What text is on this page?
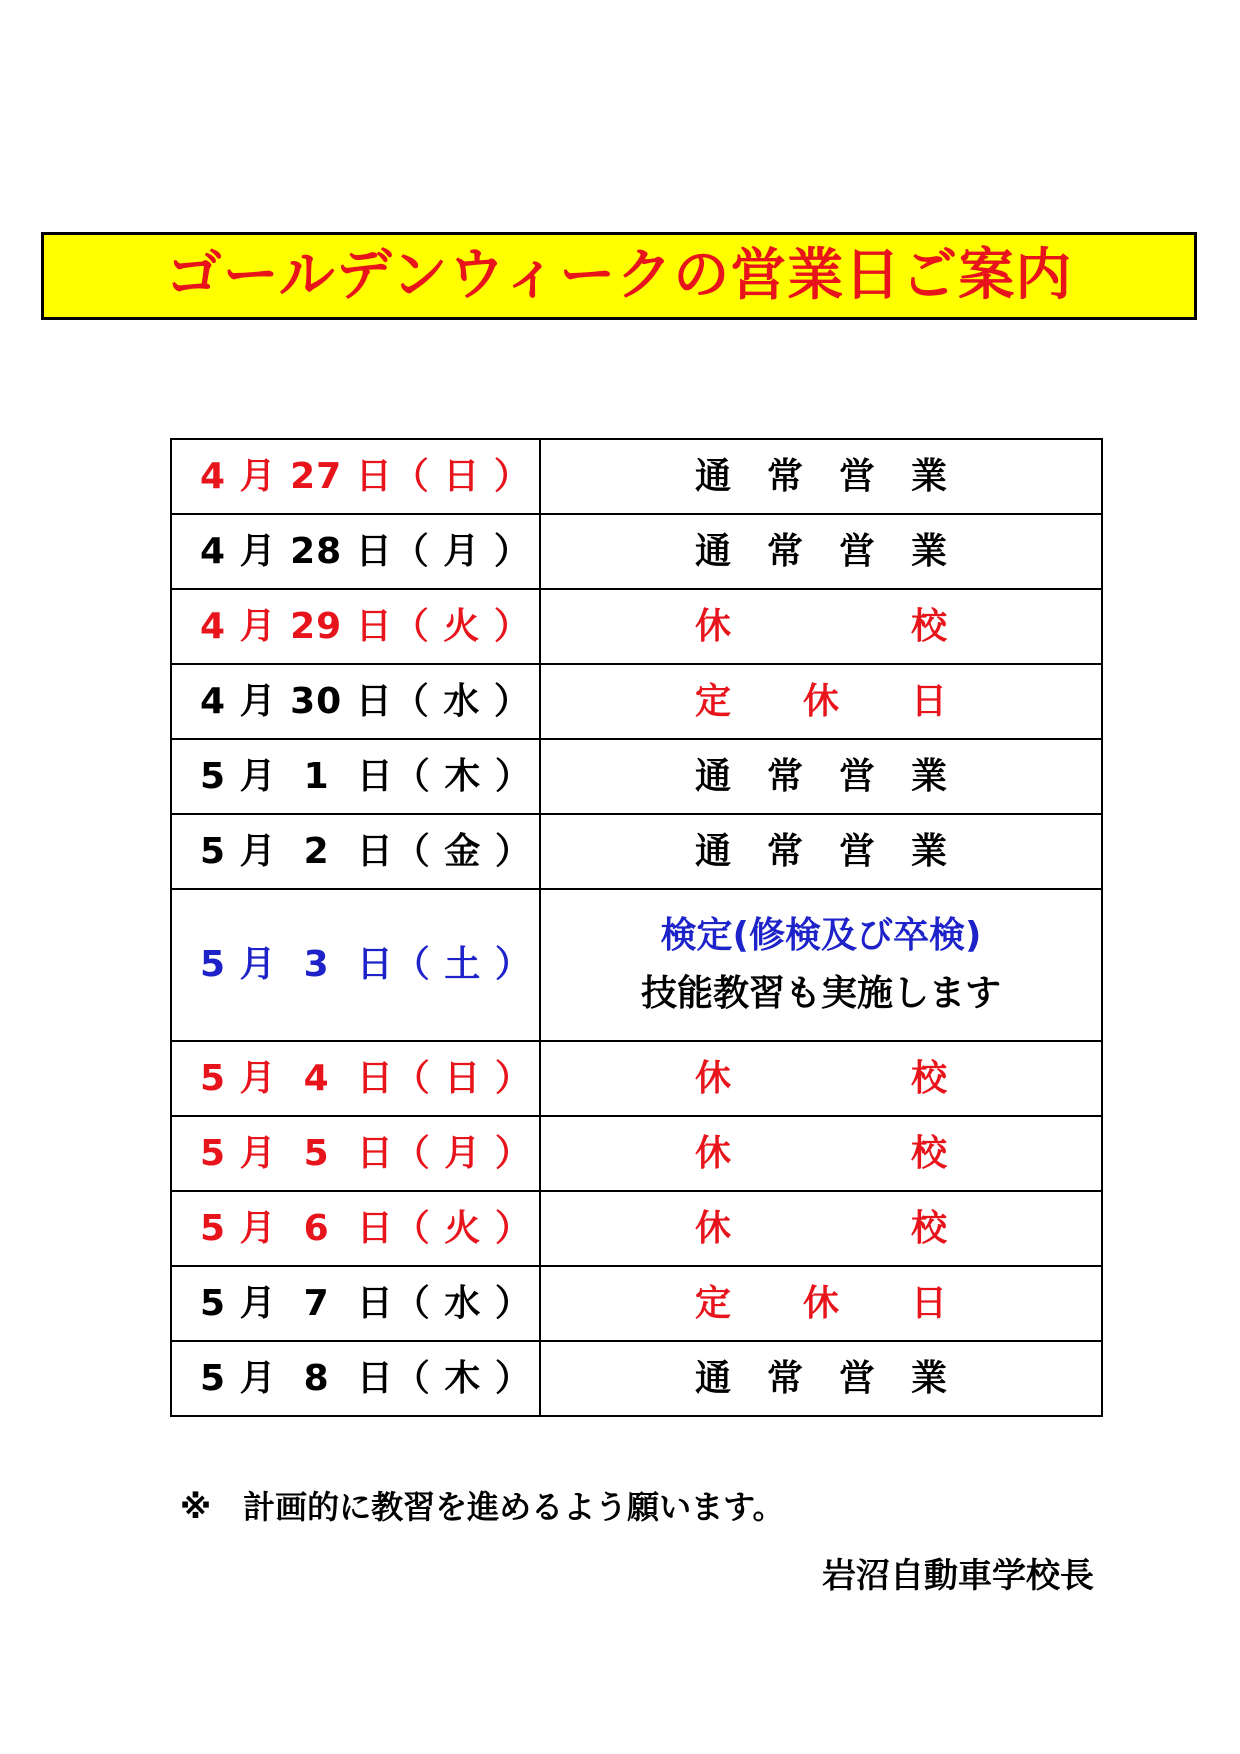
ゴールデンウィークの営業日ご案内
4 月 27 日（ 日 ）	通　常　営　業
4 月 28 日（ 月 ）	通　常　営　業
4 月 29 日（ 火 ）	休　　　　　校
4 月 30 日（ 水 ）	定　　休　　日
5 月  1  日（ 木 ）	通　常　営　業
5 月  2  日（ 金 ）	通　常　営　業
5 月  3  日（ 土 ）	検定(修検及び卒検)
技能教習も実施します

5 月  4  日（ 日 ）	休　　　　　校
5 月  5  日（ 月 ）	休　　　　　校
5 月  6  日（ 火 ）	休　　　　　校
5 月  7  日（ 水 ）	定　　休　　日
5 月  8  日（ 木 ）	通　常　営　業
※　計画的に教習を進めるよう願います。
岩沼自動車学校長
